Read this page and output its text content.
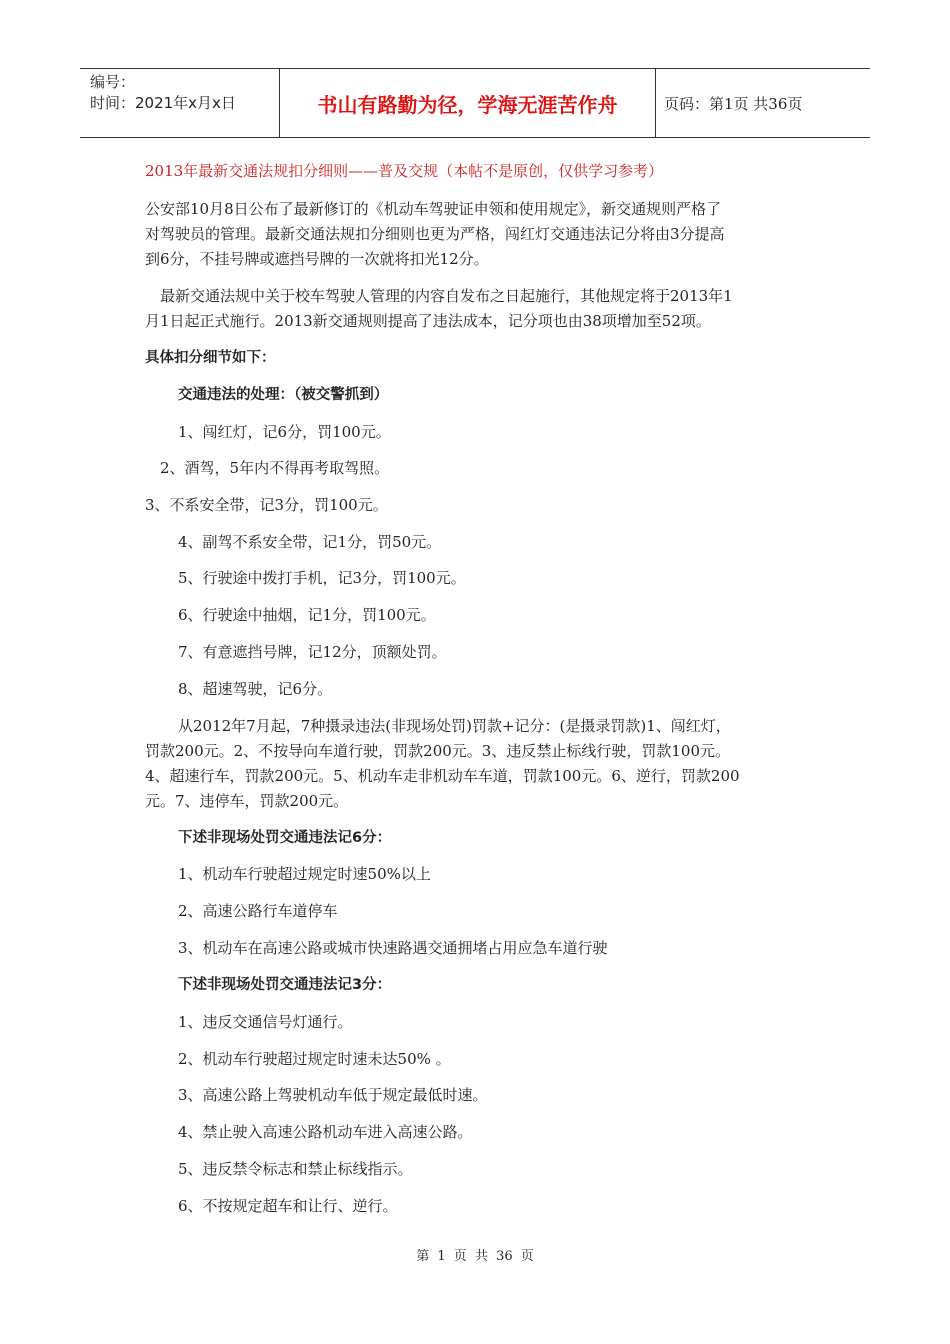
编号：
时间：2021年x月x日	书山有路勤为径，学海无涯苦作舟	页码：第1页 共36页
2013年最新交通法规扣分细则——普及交规（本帖不是原创，仅供学习参考）
公安部10月8日公布了最新修订的《机动车驾驶证申领和使用规定》，新交通规则严格了
对驾驶员的管理。最新交通法规扣分细则也更为严格，闯红灯交通违法记分将由3分提高
到6分，不挂号牌或遮挡号牌的一次就将扣光12分。
最新交通法规中关于校车驾驶人管理的内容自发布之日起施行，其他规定将于2013年1
月1日起正式施行。2013新交通规则提高了违法成本，记分项也由38项增加至52项。
具体扣分细节如下：
交通违法的处理：（被交警抓到）
1、闯红灯，记6分，罚100元。
2、酒驾，5年内不得再考取驾照。
3、不系安全带，记3分，罚100元。
4、副驾不系安全带，记1分，罚50元。
5、行驶途中拨打手机，记3分，罚100元。
6、行驶途中抽烟，记1分，罚100元。
7、有意遮挡号牌，记12分，顶额处罚。
8、超速驾驶，记6分。
从2012年7月起，7种摄录违法(非现场处罚)罚款+记分：(是摄录罚款)1、闯红灯，
罚款200元。2、不按导向车道行驶，罚款200元。3、违反禁止标线行驶，罚款100元。
4、超速行车，罚款200元。5、机动车走非机动车车道，罚款100元。6、逆行，罚款200
元。7、违停车，罚款200元。
下述非现场处罚交通违法记6分：
1、机动车行驶超过规定时速50%以上
2、高速公路行车道停车
3、机动车在高速公路或城市快速路遇交通拥堵占用应急车道行驶
下述非现场处罚交通违法记3分：
1、违反交通信号灯通行。
2、机动车行驶超过规定时速未达50% 。
3、高速公路上驾驶机动车低于规定最低时速。
4、禁止驶入高速公路机动车进入高速公路。
5、违反禁令标志和禁止标线指示。
6、不按规定超车和让行、逆行。
第 1 页 共 36 页
